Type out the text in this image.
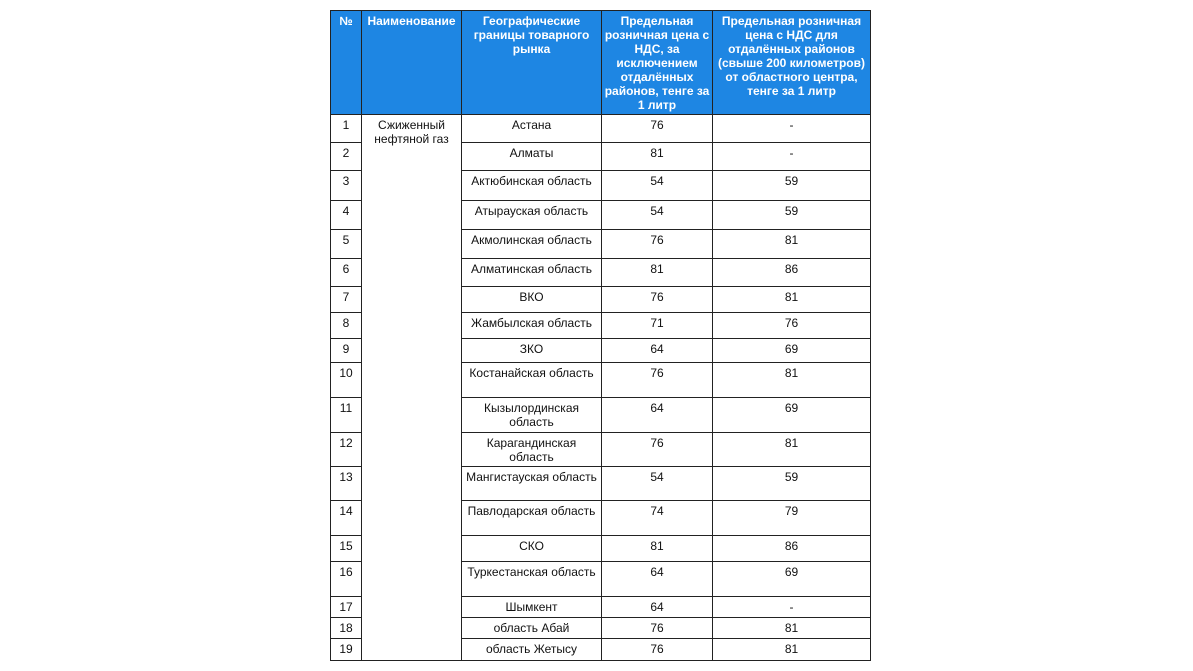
№	Наименование	Географические границы товарного рынка	Предельная розничная цена с НДС, за исключением отдалённых районов, тенге за 1 литр	Предельная розничная цена с НДС для отдалённых районов (свыше 200 километров) от областного центра, тенге за 1 литр
1	Сжиженный нефтяной газ	Астана	76	-
2		Алматы	81	-
3		Актюбинская область	54	59
4		Атырауская область	54	59
5		Акмолинская область	76	81
6		Алматинская область	81	86
7		ВКО	76	81
8		Жамбылская область	71	76
9		ЗКО	64	69
10		Костанайская область	76	81
11		Кызылординская область	64	69
12		Карагандинская область	76	81
13		Мангистауская область	54	59
14		Павлодарская область	74	79
15		СКО	81	86
16		Туркестанская область	64	69
17		Шымкент	64	-
18		область Абай	76	81
19		область Жетысу	76	81
